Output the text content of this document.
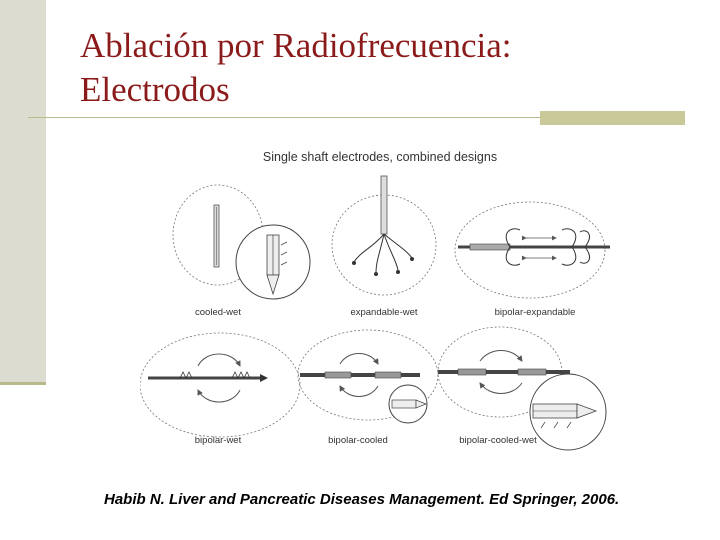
Ablación por Radiofrecuencia:
Electrodos
Single shaft electrodes, combined designs
cooled-wet	expandable-wet	bipolar-expandable
bipolar-wet	bipolar-cooled	bipolar-cooled-wet

Habib N. Liver and Pancreatic Diseases Management. Ed Springer, 2006.
